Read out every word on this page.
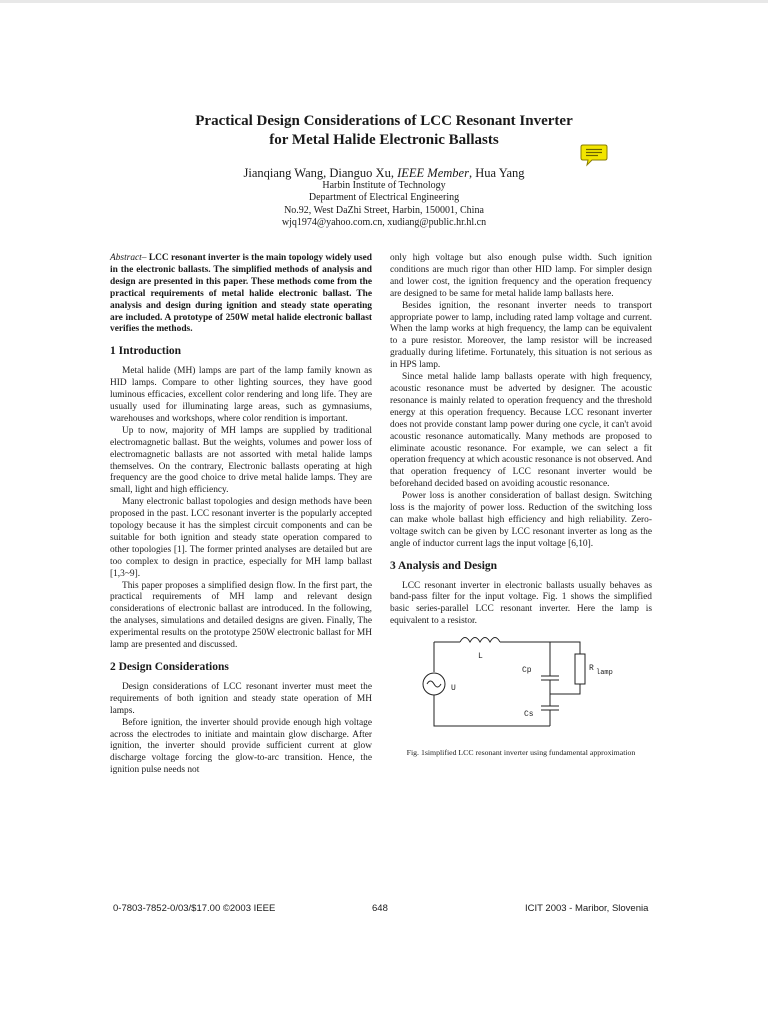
Practical Design Considerations of LCC Resonant Inverter
for Metal Halide Electronic Ballasts
Jianqiang Wang, Dianguo Xu, IEEE Member, Hua Yang
Harbin Institute of Technology
Department of Electrical Engineering
No.92, West DaZhi Street, Harbin, 150001, China
wjq1974@yahoo.com.cn, xudiang@public.hr.hl.cn

Abstract– LCC resonant inverter is the main topology widely used in the electronic ballasts. The simplified methods of analysis and design are presented in this paper. These methods come from the practical requirements of metal halide electronic ballast. The analysis and design during ignition and steady state operating are included. A prototype of 250W metal halide electronic ballast verifies the methods.

1 Introduction

Metal halide (MH) lamps are part of the lamp family known as HID lamps. Compare to other lighting sources, they have good luminous efficacies, excellent color rendering and long life. They are usually used for illuminating large areas, such as gymnasiums, warehouses and workshops, where color rendition is important.

Up to now, majority of MH lamps are supplied by traditional electromagnetic ballast. But the weights, volumes and power loss of electromagnetic ballasts are not assorted with metal halide lamps themselves. On the contrary, Electronic ballasts operating at high frequency are the good choice to drive metal halide lamps. They are small, light and high efficiency.

Many electronic ballast topologies and design methods have been proposed in the past. LCC resonant inverter is the popularly accepted topology because it has the simplest circuit components and can be suitable for both ignition and steady state operation compared to other topologies [1]. The former printed analyses are detailed but are too complex to design in practice, especially for MH lamp ballast [1,3~9].

This paper proposes a simplified design flow. In the first part, the practical requirements of MH lamp and relevant design considerations of electronic ballast are introduced. In the following, the analyses, simulations and detailed designs are given. Finally, The experimental results on the prototype 250W electronic ballast for MH lamp are presented and discussed.

2 Design Considerations

Design considerations of LCC resonant inverter must meet the requirements of both ignition and steady state operation of MH lamps.

Before ignition, the inverter should provide enough high voltage across the electrodes to initiate and maintain glow discharge. After ignition, the inverter should provide sufficient current at glow discharge voltage forcing the glow-to-arc transition. Hence, the ignition pulse needs not

only high voltage but also enough pulse width. Such ignition conditions are much rigor than other HID lamp. For simpler design and lower cost, the ignition frequency and the operation frequency are designed to be same for metal halide lamp ballasts here.

Besides ignition, the resonant inverter needs to transport appropriate power to lamp, including rated lamp voltage and current. When the lamp works at high frequency, the lamp can be equivalent to a pure resistor. Moreover, the lamp resistor will be increased gradually during lifetime. Fortunately, this situation is not serious as in HPS lamp.

Since metal halide lamp ballasts operate with high frequency, acoustic resonance must be adverted by designer. The acoustic resonance is mainly related to operation frequency and the threshold energy at this operation frequency. Because LCC resonant inverter does not provide constant lamp power during one cycle, it can't avoid acoustic resonance automatically. Many methods are proposed to eliminate acoustic resonance. For example, we can select a fit operation frequency at which acoustic resonance is not observed. And that operation frequency of LCC resonant inverter would be beforehand decided based on avoiding acoustic resonance.

Power loss is another consideration of ballast design. Switching loss is the majority of power loss. Reduction of the switching loss can make whole ballast high efficiency and high reliability. Zero-voltage switch can be given by LCC resonant inverter as long as the angle of inductor current lags the input voltage [6,10].

3 Analysis and Design

LCC resonant inverter in electronic ballasts usually behaves as band-pass filter for the input voltage. Fig. 1 shows the simplified basic series-parallel LCC resonant inverter. Here the lamp is equivalent to a resistor.

L
U
Cp
Cs
R lamp
Fig. 1simplified LCC resonant inverter using fundamental approximation
0-7803-7852-0/03/$17.00 ©2003 IEEE	648	ICIT 2003 - Maribor, Slovenia
